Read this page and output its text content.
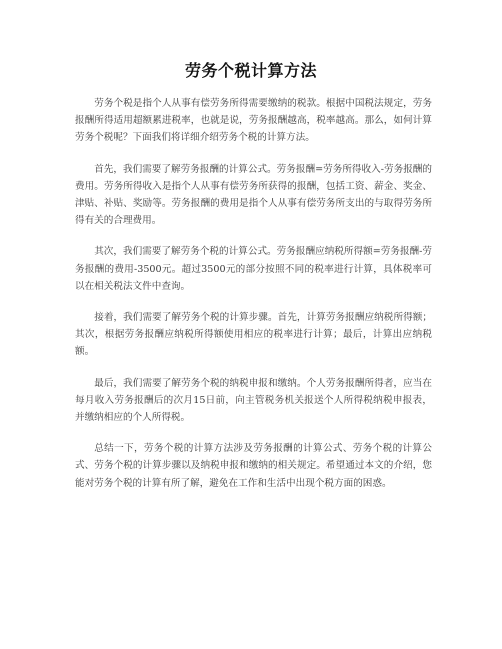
劳务个税计算方法

劳务个税是指个人从事有偿劳务所得需要缴纳的税款。根据中国税法规定，劳务报酬所得适用超额累进税率，也就是说，劳务报酬越高，税率越高。那么，如何计算劳务个税呢？下面我们将详细介绍劳务个税的计算方法。

首先，我们需要了解劳务报酬的计算公式。劳务报酬=劳务所得收入-劳务报酬的费用。劳务所得收入是指个人从事有偿劳务所获得的报酬，包括工资、薪金、奖金、津贴、补贴、奖励等。劳务报酬的费用是指个人从事有偿劳务所支出的与取得劳务所得有关的合理费用。

其次，我们需要了解劳务个税的计算公式。劳务报酬应纳税所得额=劳务报酬-劳务报酬的费用-3500元。超过3500元的部分按照不同的税率进行计算，具体税率可以在相关税法文件中查询。

接着，我们需要了解劳务个税的计算步骤。首先，计算劳务报酬应纳税所得额；其次，根据劳务报酬应纳税所得额使用相应的税率进行计算；最后，计算出应纳税额。

最后，我们需要了解劳务个税的纳税申报和缴纳。个人劳务报酬所得者，应当在每月收入劳务报酬后的次月15日前，向主管税务机关报送个人所得税纳税申报表，并缴纳相应的个人所得税。

总结一下，劳务个税的计算方法涉及劳务报酬的计算公式、劳务个税的计算公式、劳务个税的计算步骤以及纳税申报和缴纳的相关规定。希望通过本文的介绍，您能对劳务个税的计算有所了解，避免在工作和生活中出现个税方面的困惑。
